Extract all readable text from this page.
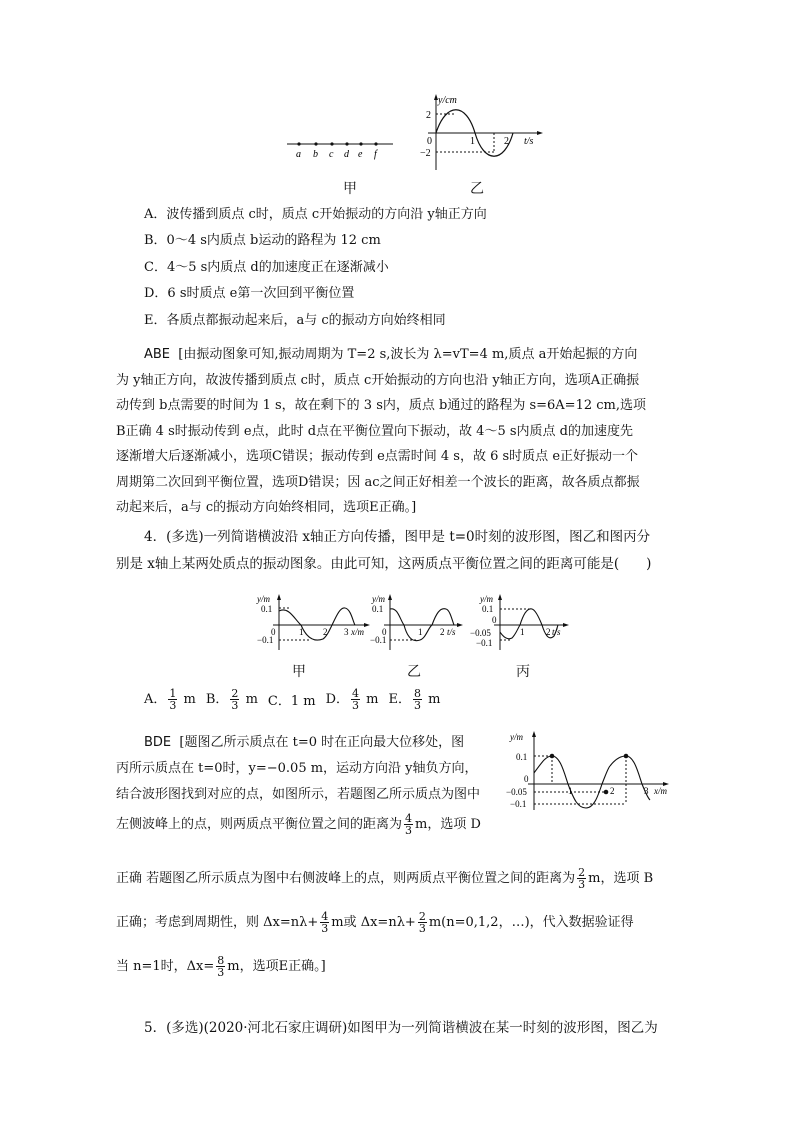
a b c d e f
y/cm
2
0
−2
1	2 t/s
甲	乙
A．波传播到质点 c时，质点 c开始振动的方向沿 y轴正方向
B．0～4 s内质点 b运动的路程为 12 cm
C．4～5 s内质点 d的加速度正在逐渐减小
D．6 s时质点 e第一次回到平衡位置
E．各质点都振动起来后，a与 c的振动方向始终相同
ABE [由振动图象可知,振动周期为 T=2 s,波长为 λ=vT=4 m,质点 a开始起振的方向
为 y轴正方向，故波传播到质点 c时，质点 c开始振动的方向也沿 y轴正方向，选项A正确振
动传到 b点需要的时间为 1 s，故在剩下的 3 s内，质点 b通过的路程为 s=6A=12 cm,选项
B正确 4 s时振动传到 e点，此时 d点在平衡位置向下振动，故 4～5 s内质点 d的加速度先
逐渐增大后逐渐减小，选项C错误；振动传到 e点需时间 4 s，故 6 s时质点 e正好振动一个
周期第二次回到平衡位置，选项D错误；因 ac之间正好相差一个波长的距离，故各质点都振
动起来后，a与 c的振动方向始终相同，选项E正确。]
4．(多选)一列简谐横波沿 x轴正方向传播，图甲是 t=0时刻的波形图，图乙和图丙分
别是 x轴上某两处质点的振动图象。由此可知，这两质点平衡位置之间的距离可能是(　　)
y/m
0.1
0
−0.1
1 2 3 x/m
y/m
0.1
0
−0.1
1 2 t/s
y/m
0.1
0
−0.05
−0.1
1 2 t/s
甲	乙	丙
A． $\frac{1}{3}$ m B． $\frac{2}{3}$ m C．1 m D． $\frac{4}{3}$ m E． $\frac{8}{3}$ m
BDE [题图乙所示质点在 t=0 时在正向最大位移处，图
丙所示质点在 t=0时，y=−0.05 m，运动方向沿 y轴负方向，
结合波形图找到对应的点，如图所示，若题图乙所示质点为图中
左侧波峰上的点，则两质点平衡位置之间的距离为 $\frac{4}{3}$ m，选项 D
y/m
0.1
0
−0.05
−0.1
1	2	3 x/m
正确 若题图乙所示质点为图中右侧波峰上的点，则两质点平衡位置之间的距离为 $\frac{2}{3}$ m，选项 B
正确；考虑到周期性，则 $\Delta x=n\lambda+ \frac{4}{3}$ m或 $\Delta x=n\lambda+ \frac{2}{3} m(n=0,1,2$，…)，代入数据验证得
当 n=1时，$\Delta x= \frac{8}{3}$ m，选项E正确。]
5．(多选)(2020·河北石家庄调研)如图甲为一列简谐横波在某一时刻的波形图，图乙为
